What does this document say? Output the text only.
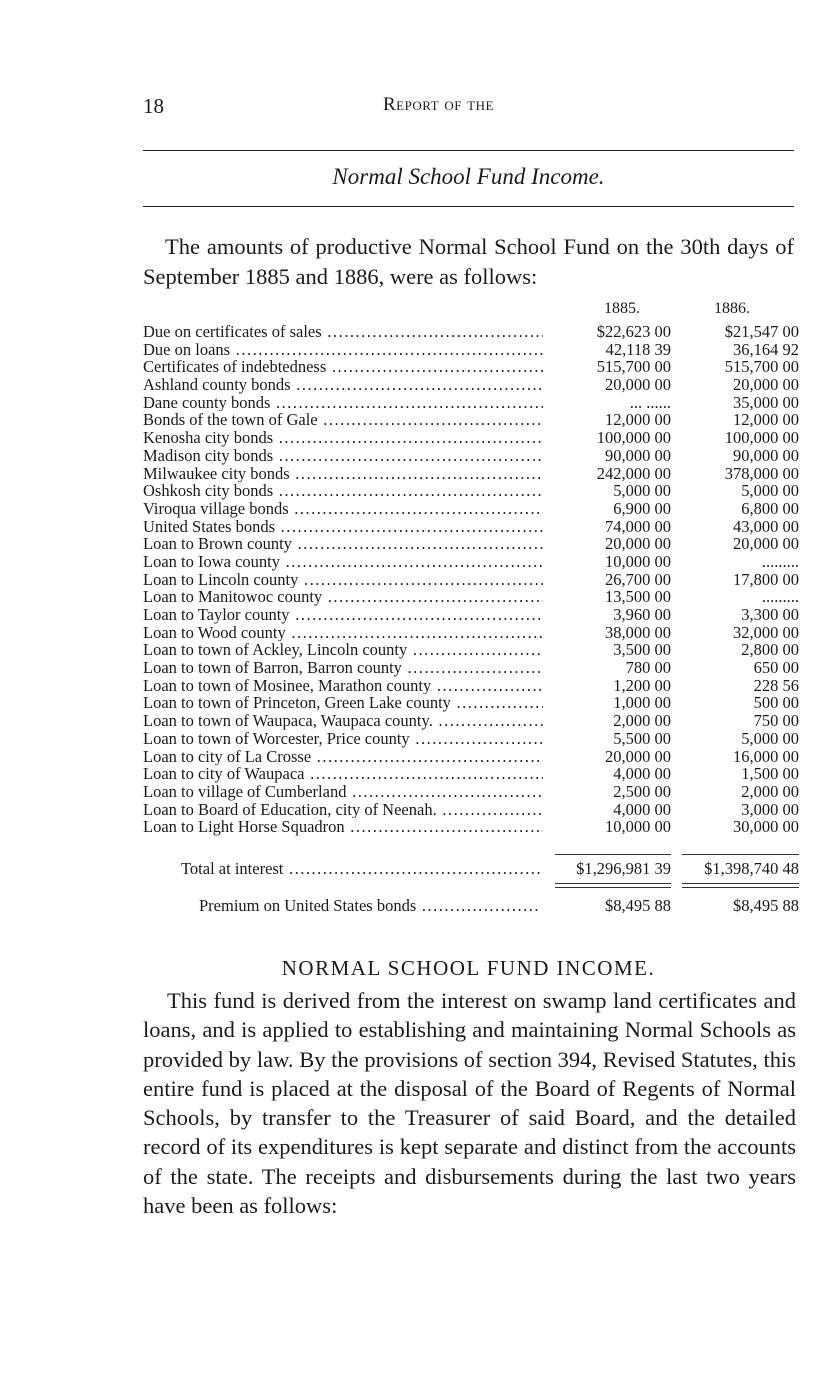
18	Report of the
Normal School Fund Income.

The amounts of productive Normal School Fund on the 30th days of September 1885 and 1886, were as follows:

1885.	1886.
Due on certificates of sales .....	$22,623 00	$21,547 00
Due on loans .....	42,118 39	36,164 92
Certificates of indebtedness .....	515,700 00	515,700 00
Ashland county bonds .....	20,000 00	20,000 00
Dane county bonds .....	... ......	35,000 00
Bonds of the town of Gale .....	12,000 00	12,000 00
Kenosha city bonds .....	100,000 00	100,000 00
Madison city bonds .....	90,000 00	90,000 00
Milwaukee city bonds .....	242,000 00	378,000 00
Oshkosh city bonds .....	5,000 00	5,000 00
Viroqua village bonds .....	6,900 00	6,800 00
United States bonds .....	74,000 00	43,000 00
Loan to Brown county .....	20,000 00	20,000 00
Loan to Iowa county .....	10,000 00	.........
Loan to Lincoln county .....	26,700 00	17,800 00
Loan to Manitowoc county .....	13,500 00	.........
Loan to Taylor county .....	3,960 00	3,300 00
Loan to Wood county .....	38,000 00	32,000 00
Loan to town of Ackley, Lincoln county .....	3,500 00	2,800 00
Loan to town of Barron, Barron county .....	780 00	650 00
Loan to town of Mosinee, Marathon county .....	1,200 00	228 56
Loan to town of Princeton, Green Lake county .....	1,000 00	500 00
Loan to town of Waupaca, Waupaca county. .....	2,000 00	750 00
Loan to town of Worcester, Price county .....	5,500 00	5,000 00
Loan to city of La Crosse .....	20,000 00	16,000 00
Loan to city of Waupaca .....	4,000 00	1,500 00
Loan to village of Cumberland .....	2,500 00	2,000 00
Loan to Board of Education, city of Neenah. .....	4,000 00	3,000 00
Loan to Light Horse Squadron .....	10,000 00	30,000 00
Total at interest .....	$1,296,981 39 $1,398,740 48
Premium on United States bonds .....	$8,495 88	$8,495 88
NORMAL SCHOOL FUND INCOME.

This fund is derived from the interest on swamp land certificates and loans, and is applied to establishing and maintaining Normal Schools as provided by law. By the provisions of section 394, Revised Statutes, this entire fund is placed at the disposal of the Board of Regents of Normal Schools, by transfer to the Treasurer of said Board, and the detailed record of its expenditures is kept separate and distinct from the accounts of the state. The receipts and disbursements during the last two years have been as follows:
